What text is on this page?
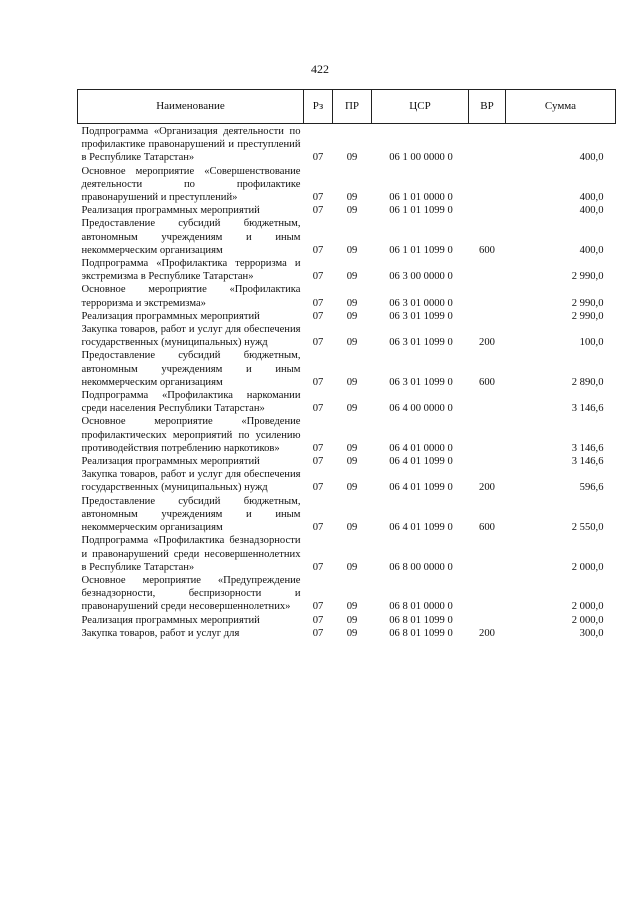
422
Наименование	Рз	ПР	ЦСР	ВР	Сумма
Подпрограмма «Организация деятельности по профилактике правонарушений и преступлений в Республике Татарстан»	07	09	06 1 00 0000 0		400,0
Основное мероприятие «Совершенствование деятельности по профилактике правонарушений и преступлений»	07	09	06 1 01 0000 0		400,0
Реализация программных мероприятий	07	09	06 1 01 1099 0		400,0
Предоставление субсидий бюджетным, автономным учреждениям и иным некоммерческим организациям	07	09	06 1 01 1099 0	600	400,0
Подпрограмма «Профилактика терроризма и экстремизма в Республике Татарстан»	07	09	06 3 00 0000 0		2 990,0
Основное мероприятие «Профилактика терроризма и экстремизма»	07	09	06 3 01 0000 0		2 990,0
Реализация программных мероприятий	07	09	06 3 01 1099 0		2 990,0
Закупка товаров, работ и услуг для обеспечения государственных (муниципальных) нужд	07	09	06 3 01 1099 0	200	100,0
Предоставление субсидий бюджетным, автономным учреждениям и иным некоммерческим организациям	07	09	06 3 01 1099 0	600	2 890,0
Подпрограмма «Профилактика наркомании среди населения Республики Татарстан»	07	09	06 4 00 0000 0		3 146,6
Основное мероприятие «Проведение профилактических мероприятий по усилению противодействия потреблению наркотиков»	07	09	06 4 01 0000 0		3 146,6
Реализация программных мероприятий	07	09	06 4 01 1099 0		3 146,6
Закупка товаров, работ и услуг для обеспечения государственных (муниципальных) нужд	07	09	06 4 01 1099 0	200	596,6
Предоставление субсидий бюджетным, автономным учреждениям и иным некоммерческим организациям	07	09	06 4 01 1099 0	600	2 550,0
Подпрограмма «Профилактика безнадзорности и правонарушений среди несовершеннолетних в Республике Татарстан»	07	09	06 8 00 0000 0		2 000,0
Основное мероприятие «Предупреждение безнадзорности, беспризорности и правонарушений среди несовершеннолетних»	07	09	06 8 01 0000 0		2 000,0
Реализация программных мероприятий	07	09	06 8 01 1099 0		2 000,0
Закупка товаров, работ и услуг для	07	09	06 8 01 1099 0	200	300,0
